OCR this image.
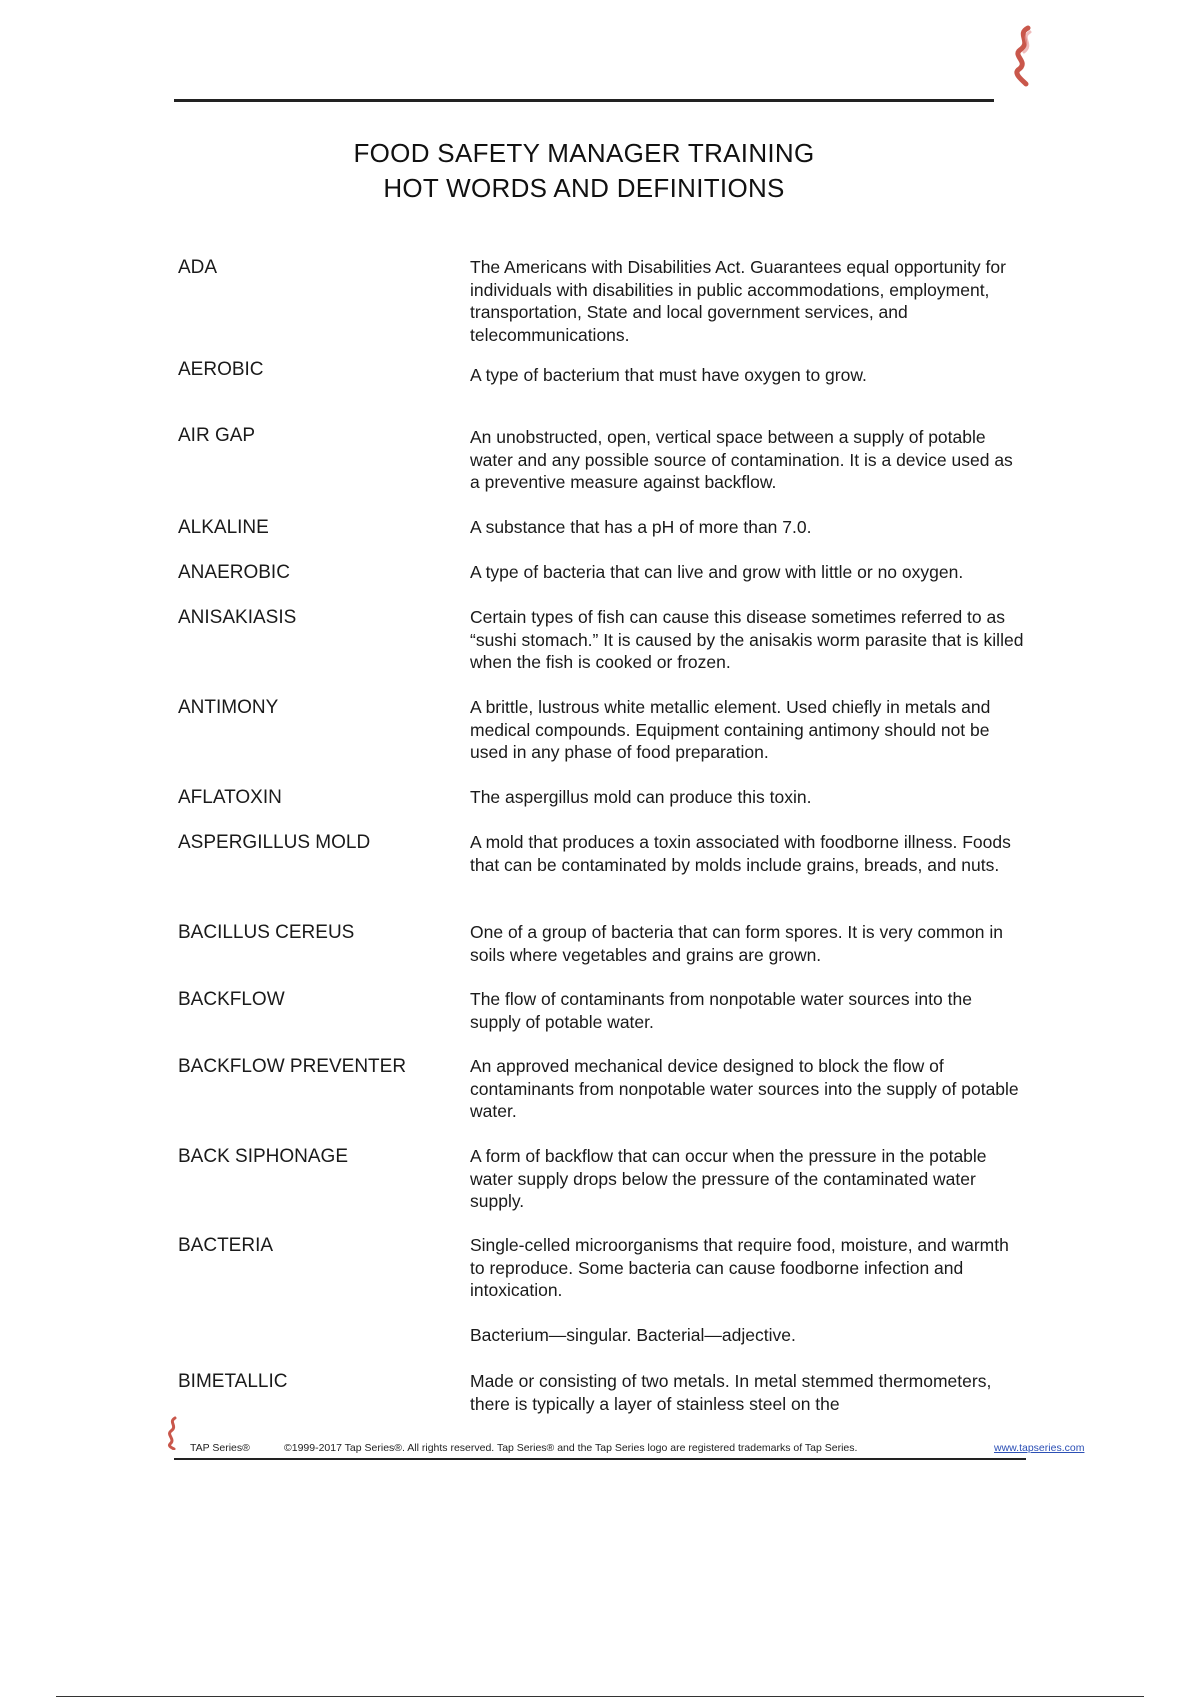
FOOD SAFETY MANAGER TRAINING
HOT WORDS AND DEFINITIONS
ADA	The Americans with Disabilities Act. Guarantees equal opportunity for individuals with disabilities in public accommodations, employment, transportation, State and local government services, and telecommunications.
AEROBIC	A type of bacterium that must have oxygen to grow.
AIR GAP	An unobstructed, open, vertical space between a supply of potable water and any possible source of contamination. It is a device used as a preventive measure against backflow.
ALKALINE	A substance that has a pH of more than 7.0.
ANAEROBIC	A type of bacteria that can live and grow with little or no oxygen.
ANISAKIASIS	Certain types of fish can cause this disease sometimes referred to as “sushi stomach.” It is caused by the anisakis worm parasite that is killed when the fish is cooked or frozen.
ANTIMONY	A brittle, lustrous white metallic element. Used chiefly in metals and medical compounds. Equipment containing antimony should not be used in any phase of food preparation.
AFLATOXIN	The aspergillus mold can produce this toxin.
ASPERGILLUS MOLD	A mold that produces a toxin associated with foodborne illness. Foods that can be contaminated by molds include grains, breads, and nuts.
BACILLUS CEREUS	One of a group of bacteria that can form spores. It is very common in soils where vegetables and grains are grown.
BACKFLOW	The flow of contaminants from nonpotable water sources into the supply of potable water.
BACKFLOW PREVENTER	An approved mechanical device designed to block the flow of contaminants from nonpotable water sources into the supply of potable water.
BACK SIPHONAGE	A form of backflow that can occur when the pressure in the potable water supply drops below the pressure of the contaminated water supply.
BACTERIA	Single-celled microorganisms that require food, moisture, and warmth to reproduce. Some bacteria can cause foodborne infection and intoxication.
Bacterium—singular. Bacterial—adjective.
BIMETALLIC	Made or consisting of two metals. In metal stemmed thermometers, there is typically a layer of stainless steel on the
TAP Series®	©1999-2017 Tap Series®. All rights reserved. Tap Series® and the Tap Series logo are registered trademarks of Tap Series.	www.tapseries.com
